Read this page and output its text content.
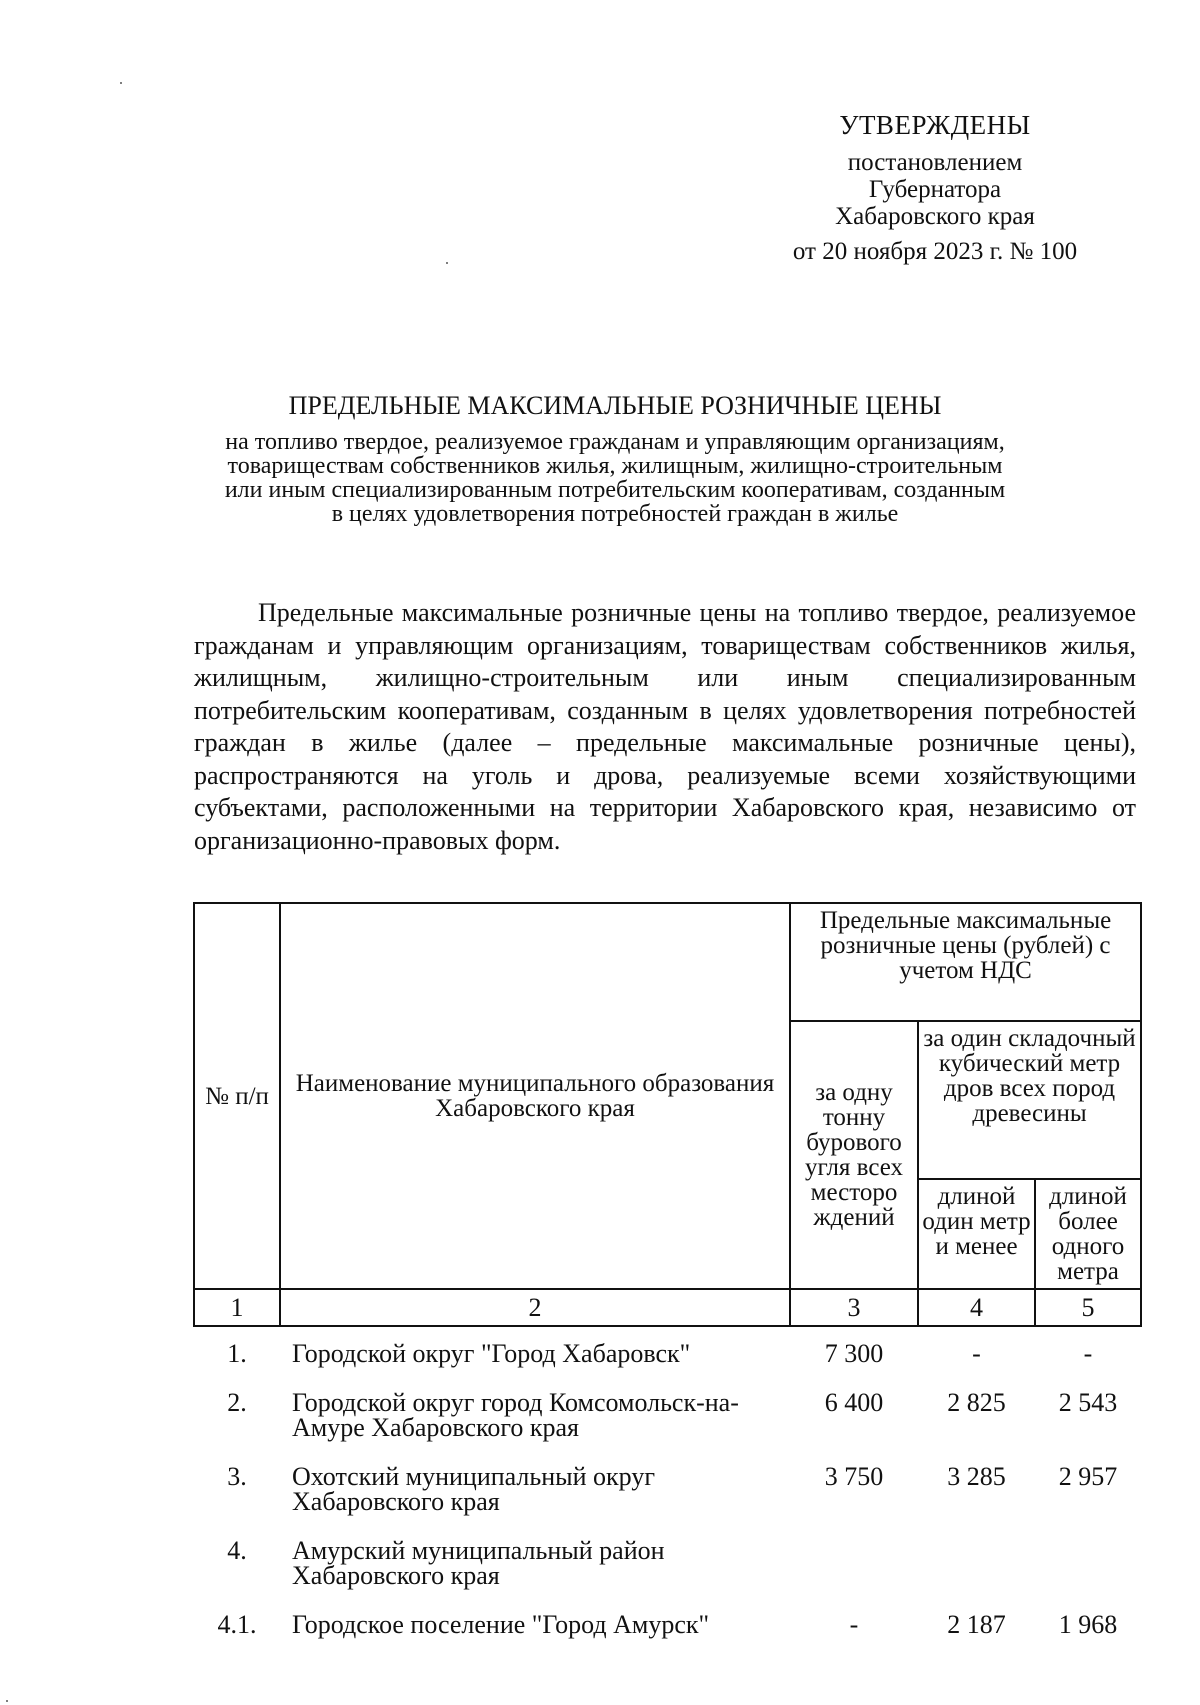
УТВЕРЖДЕНЫ
постановлением
Губернатора
Хабаровского края
от 20 ноября 2023 г. № 100
ПРЕДЕЛЬНЫЕ МАКСИМАЛЬНЫЕ РОЗНИЧНЫЕ ЦЕНЫ
на топливо твердое, реализуемое гражданам и управляющим организациям,
товариществам собственников жилья, жилищным, жилищно-строительным
или иным специализированным потребительским кооперативам, созданным
в целях удовлетворения потребностей граждан в жилье
Предельные максимальные розничные цены на топливо твердое, реализуемое гражданам и управляющим организациям, товариществам собственников жилья, жилищным, жилищно-строительным или иным специализированным потребительским кооперативам, созданным в целях удовлетворения потребностей граждан в жилье (далее – предельные максимальные розничные цены), распространяются на уголь и дрова, реализуемые всеми хозяйствующими субъектами, расположенными на территории Хабаровского края, независимо от организационно-правовых форм.
№ п/п	Наименование муниципального образования Хабаровского края	Предельные максимальные розничные цены (рублей) с учетом НДС		
		за одну тонну бурового угля всех месторо ждений	за один складочный кубический метр дров всех пород древесины	
			длиной один метр и менее	длиной более одного метра
1	2	3	4	5
1.	Городской округ "Город Хабаровск"	7 300	-	-
2.	Городской округ город Комсомольск-на-Амуре Хабаровского края	6 400	2 825	2 543
3.	Охотский муниципальный округ Хабаровского края	3 750	3 285	2 957
4.	Амурский муниципальный район Хабаровского края			
4.1.	Городское поселение "Город Амурск"	-	2 187	1 968
